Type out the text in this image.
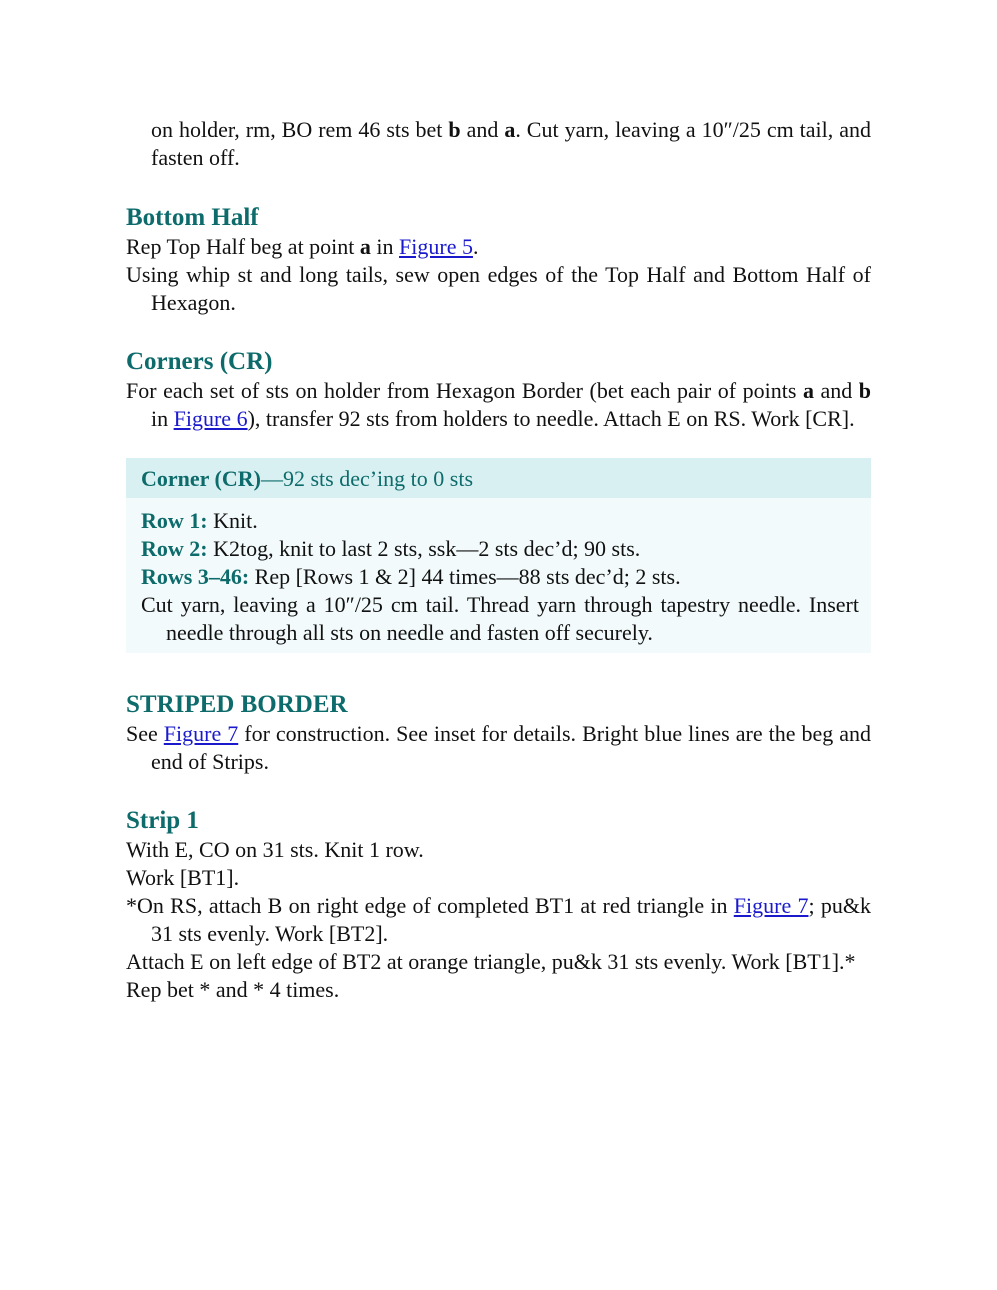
on holder, rm, BO rem 46 sts bet b and a. Cut yarn, leaving a 10″/25 cm tail, and fasten off.

Bottom Half

Rep Top Half beg at point a in Figure 5.

Using whip st and long tails, sew open edges of the Top Half and Bottom Half of Hexagon.

Corners (CR)

For each set of sts on holder from Hexagon Border (bet each pair of points a and b in Figure 6), transfer 92 sts from holders to needle. Attach E on RS. Work [CR].

Corner (CR)—92 sts dec’ing to 0 sts

Row 1: Knit.

Row 2: K2tog, knit to last 2 sts, ssk—2 sts dec’d; 90 sts.

Rows 3–46: Rep [Rows 1 & 2] 44 times—88 sts dec’d; 2 sts.

Cut yarn, leaving a 10″/25 cm tail. Thread yarn through tapestry needle. Insert needle through all sts on needle and fasten off securely.

STRIPED BORDER

See Figure 7 for construction. See inset for details. Bright blue lines are the beg and end of Strips.

Strip 1

With E, CO on 31 sts. Knit 1 row.

Work [BT1].

*On RS, attach B on right edge of completed BT1 at red triangle in Figure 7; pu&k 31 sts evenly. Work [BT2].

Attach E on left edge of BT2 at orange triangle, pu&k 31 sts evenly. Work [BT1].*

Rep bet * and * 4 times.
